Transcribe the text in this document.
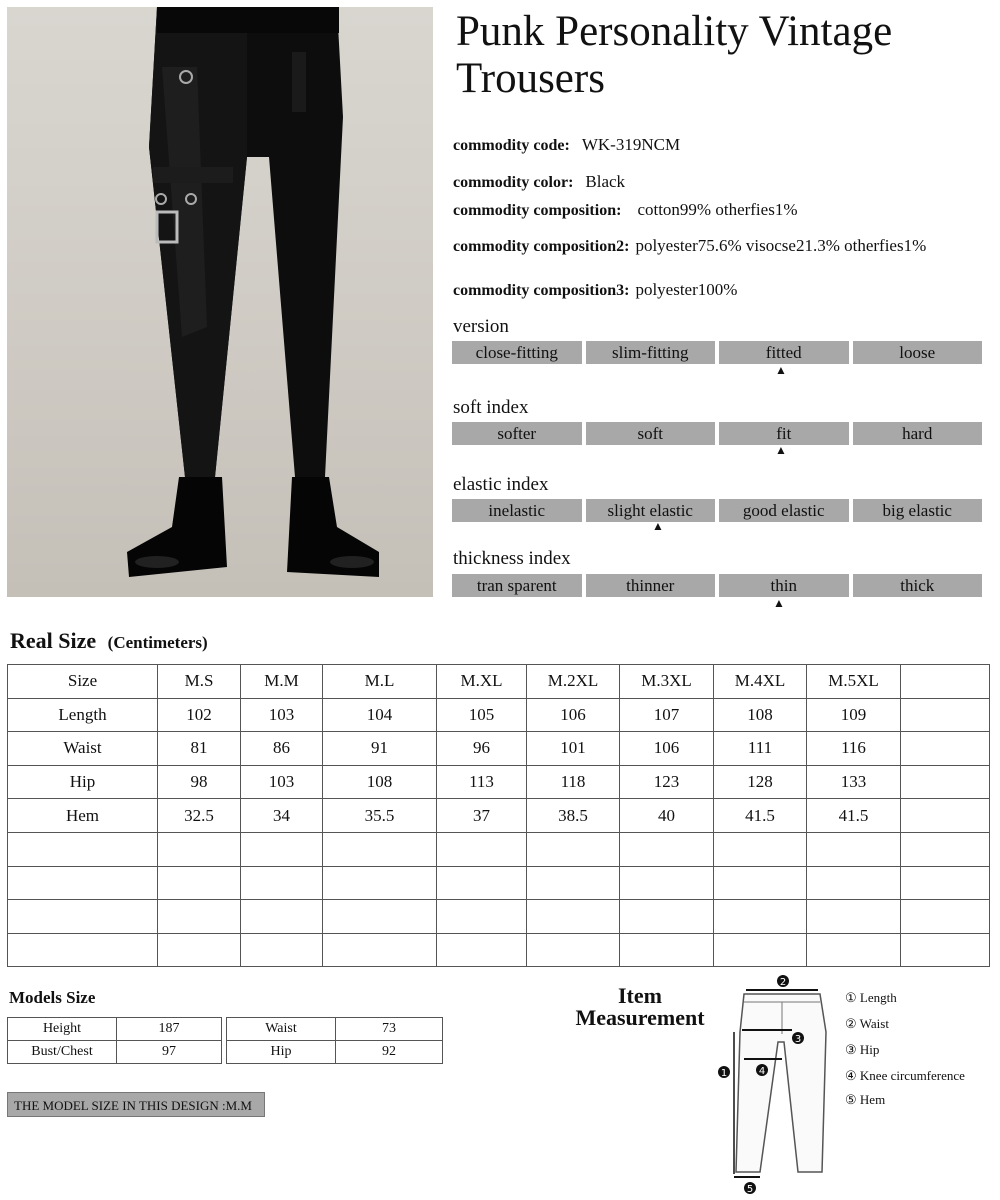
Punk Personality Vintage Trousers
commodity code: WK-319NCM
commodity color: Black
commodity composition: cotton99% otherfies1%
commodity composition2: polyester75.6% visocse21.3% otherfies1%
commodity composition3: polyester100%
version
close-fitting	slim-fitting	fitted	loose
▲
soft index
softer	soft	fit	hard
▲
elastic index
inelastic	slight elastic	good elastic	big elastic
▲
thickness index
tran sparent	thinner	thin	thick
▲
Real Size (Centimeters)
Size	M.S	M.M	M.L	M.XL	M.2XL	M.3XL	M.4XL	M.5XL	
Length	102	103	104	105	106	107	108	109	
Waist	81	86	91	96	101	106	111	116	
Hip	98	103	108	113	118	123	128	133	
Hem	32.5	34	35.5	37	38.5	40	41.5	41.5	

Models Size
Height	187
Bust/Chest	97
Waist	73
Hip	92
THE MODEL SIZE IN THIS DESIGN :M.M
Item
Measurement
2
3
4
1
5
① Length
② Waist
③ Hip
④ Knee circumference
⑤ Hem
